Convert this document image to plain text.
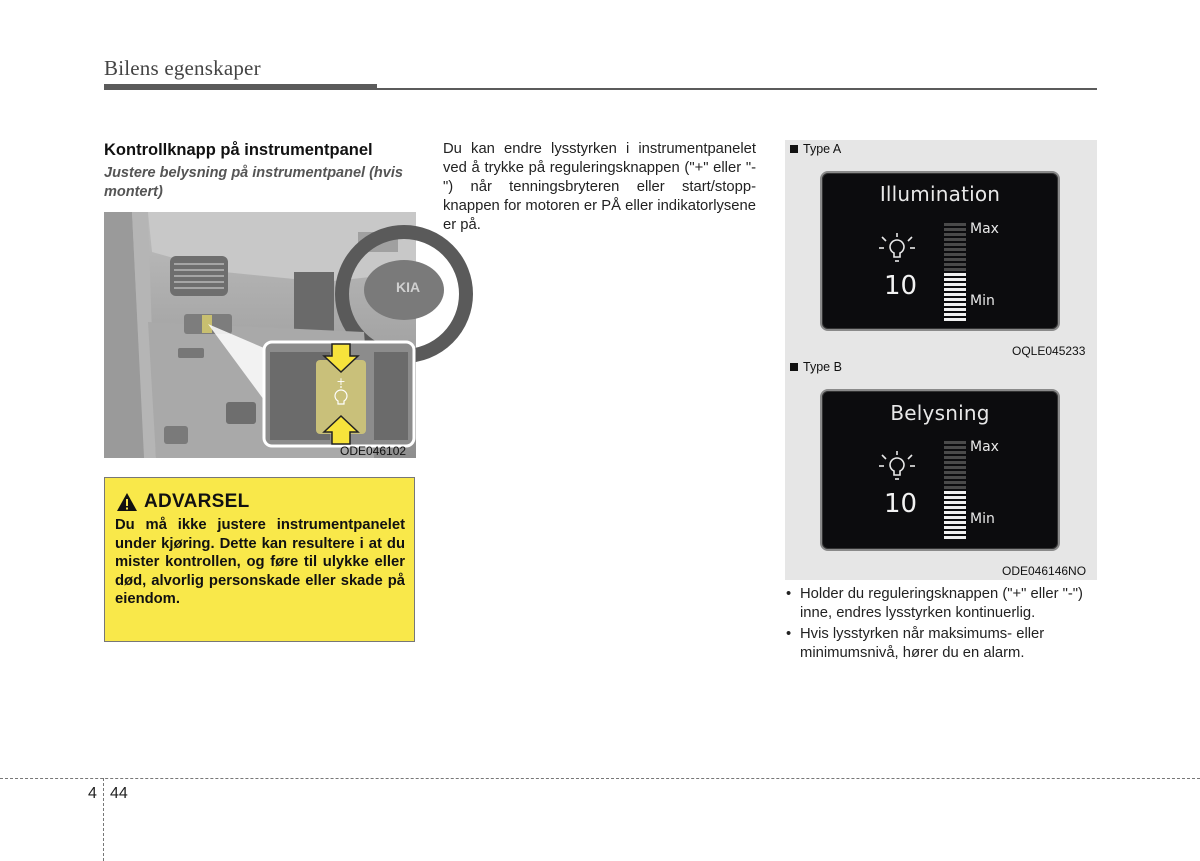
Bilens egenskaper
Kontrollknapp på instrumentpanel
Justere belysning på instrumentpanel (hvis montert)
KIA
+
ODE046102
ADVARSEL
Du må ikke justere instrumentpanelet under kjøring. Dette kan resultere i at du mister kontrollen, og føre til ulykke eller død, alvorlig personskade eller skade på eiendom.
Du kan endre lysstyrken i instrumentpanelet ved å trykke på reguleringsknappen ("+" eller "-") når tenningsbryteren eller start/stopp-knappen for motoren er PÅ eller indikatorlysene er på.
Type A
Illumination
10
Max
Min
OQLE045233
Type B
Belysning
10
Max
Min
ODE046146NO
• Holder du reguleringsknappen ("+" eller "-") inne, endres lysstyrken kontinuerlig.
• Hvis lysstyrken når maksimums- eller minimumsnivå, hører du en alarm.
4 44
